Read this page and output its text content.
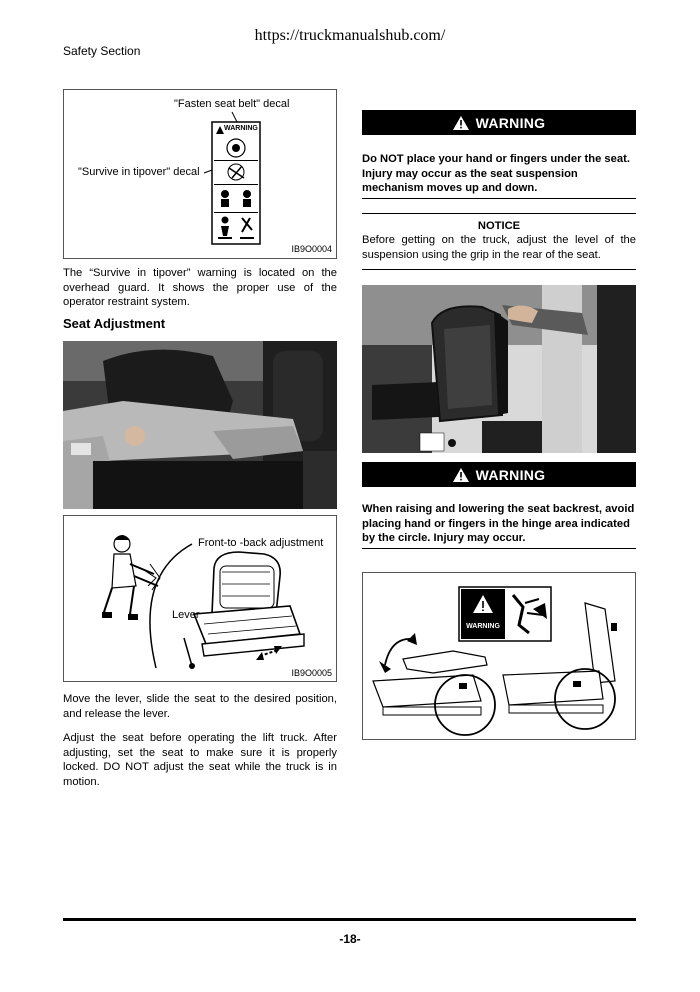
https://truckmanualshub.com/
Safety Section
"Fasten seat belt" decal
"Survive in tipover" decal
WARNING
IB9O0004
The “Survive in tipover” warning is located on the overhead guard. It shows the proper use of the operator restraint system.
Seat Adjustment
Front-to -back adjustment
Lever
IB9O0005
Move the lever, slide the seat to the desired position, and release the lever.
Adjust the seat before operating the lift truck. After adjusting, set the seat to make sure it is properly locked. DO NOT adjust the seat while the truck is in motion.
WARNING
Do NOT place your hand or fingers under the seat. Injury may occur as the seat suspension mechanism moves up and down.
NOTICE
Before getting on the truck, adjust the level of the suspension using the grip in the rear of the seat.
WARNING
When raising and lowering the seat backrest, avoid placing hand or fingers in the hinge area indicated by the circle. Injury may occur.
WARNING
-18-
